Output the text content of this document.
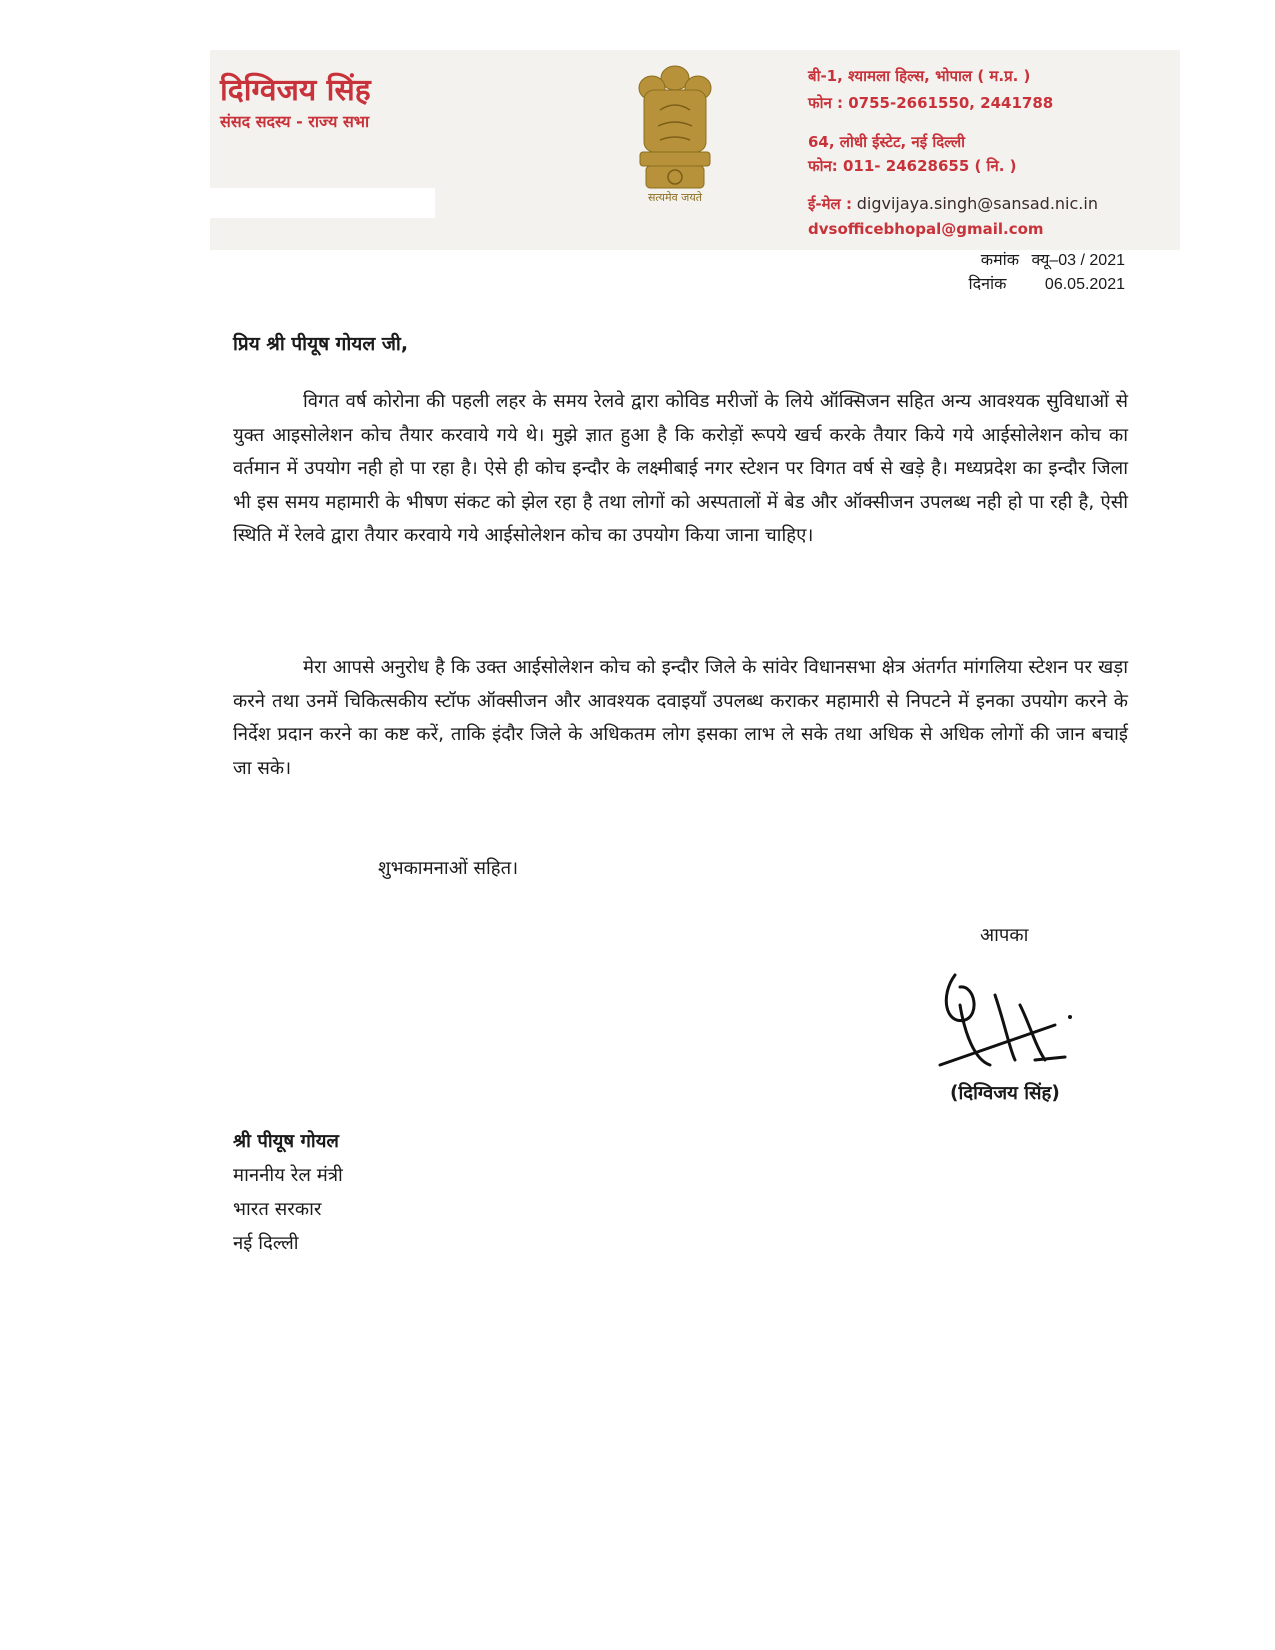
दिग्विजय सिंह
संसद सदस्य - राज्य सभा
सत्यमेव जयते
बी-1, श्यामला हिल्स, भोपाल ( म.प्र. )
फोन : 0755-2661550, 2441788
64, लोधी ईस्टेट, नई दिल्ली
फोन: 011- 24628655 ( नि. )
ई-मेल : digvijaya.singh@sansad.nic.in
dvsofficebhopal@gmail.com
कमांक क्यू–03 / 2021
दिनांक 06.05.2021
प्रिय श्री पीयूष गोयल जी,

विगत वर्ष कोरोना की पहली लहर के समय रेलवे द्वारा कोविड मरीजों के लिये ऑक्सिजन सहित अन्य आवश्यक सुविधाओं से युक्त आइसोलेशन कोच तैयार करवाये गये थे। मुझे ज्ञात हुआ है कि करोड़ों रूपये खर्च करके तैयार किये गये आईसोलेशन कोच का वर्तमान में उपयोग नही हो पा रहा है। ऐसे ही कोच इन्दौर के लक्ष्मीबाई नगर स्टेशन पर विगत वर्ष से खड़े है। मध्यप्रदेश का इन्दौर जिला भी इस समय महामारी के भीषण संकट को झेल रहा है तथा लोगों को अस्पतालों में बेड और ऑक्सीजन उपलब्ध नही हो पा रही है, ऐसी स्थिति में रेलवे द्वारा तैयार करवाये गये आईसोलेशन कोच का उपयोग किया जाना चाहिए।

मेरा आपसे अनुरोध है कि उक्त आईसोलेशन कोच को इन्दौर जिले के सांवेर विधानसभा क्षेत्र अंतर्गत मांगलिया स्टेशन पर खड़ा करने तथा उनमें चिकित्सकीय स्टॉफ ऑक्सीजन और आवश्यक दवाइयाँ उपलब्ध कराकर महामारी से निपटने में इनका उपयोग करने के निर्देश प्रदान करने का कष्ट करें, ताकि इंदौर जिले के अधिकतम लोग इसका लाभ ले सके तथा अधिक से अधिक लोगों की जान बचाई जा सके।

शुभकामनाओं सहित।
आपका
(दिग्विजय सिंह)
श्री पीयूष गोयल
माननीय रेल मंत्री
भारत सरकार
नई दिल्ली
